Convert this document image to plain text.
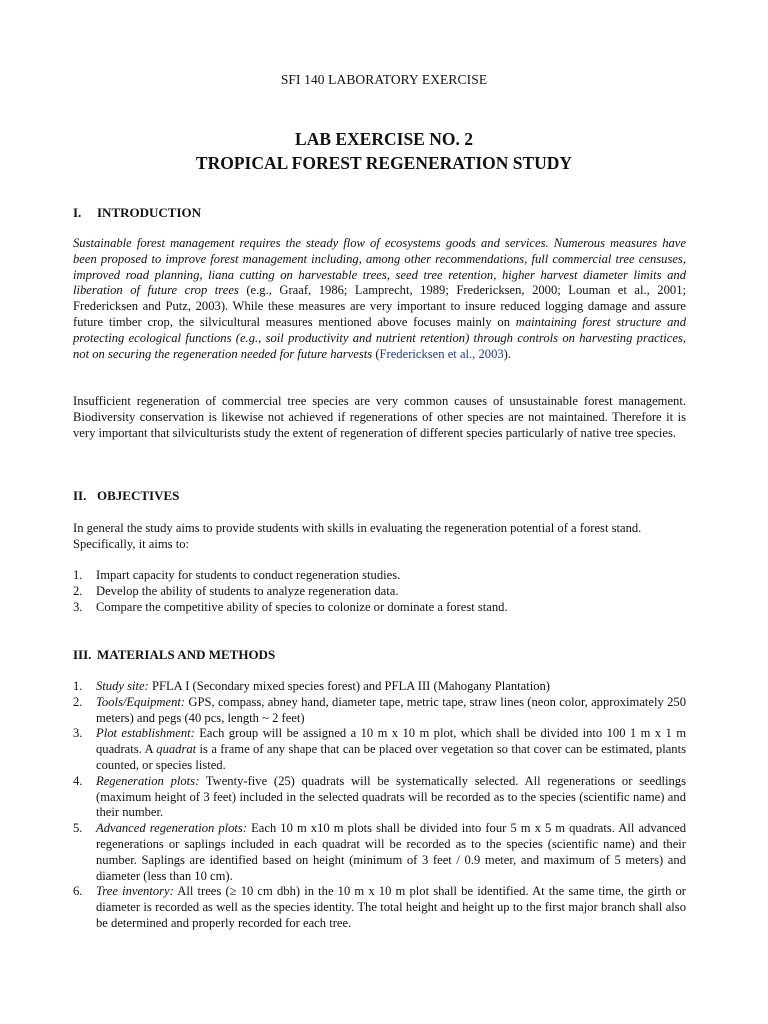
SFI 140 LABORATORY EXERCISE
LAB EXERCISE NO. 2
TROPICAL FOREST REGENERATION STUDY
I. INTRODUCTION
Sustainable forest management requires the steady flow of ecosystems goods and services. Numerous measures have been proposed to improve forest management including, among other recommendations, full commercial tree censuses, improved road planning, liana cutting on harvestable trees, seed tree retention, higher harvest diameter limits and liberation of future crop trees (e.g., Graaf, 1986; Lamprecht, 1989; Fredericksen, 2000; Louman et al., 2001; Fredericksen and Putz, 2003). While these measures are very important to insure reduced logging damage and assure future timber crop, the silvicultural measures mentioned above focuses mainly on maintaining forest structure and protecting ecological functions (e.g., soil productivity and nutrient retention) through controls on harvesting practices, not on securing the regeneration needed for future harvests (Fredericksen et al., 2003).
Insufficient regeneration of commercial tree species are very common causes of unsustainable forest management. Biodiversity conservation is likewise not achieved if regenerations of other species are not maintained. Therefore it is very important that silviculturists study the extent of regeneration of different species particularly of native tree species.
II. OBJECTIVES
In general the study aims to provide students with skills in evaluating the regeneration potential of a forest stand. Specifically, it aims to:
1. Impart capacity for students to conduct regeneration studies.
2. Develop the ability of students to analyze regeneration data.
3. Compare the competitive ability of species to colonize or dominate a forest stand.
III. MATERIALS AND METHODS
1. Study site: PFLA I (Secondary mixed species forest) and PFLA III (Mahogany Plantation)
2. Tools/Equipment: GPS, compass, abney hand, diameter tape, metric tape, straw lines (neon color, approximately 250 meters) and pegs (40 pcs, length ~ 2 feet)
3. Plot establishment: Each group will be assigned a 10 m x 10 m plot, which shall be divided into 100 1 m x 1 m quadrats. A quadrat is a frame of any shape that can be placed over vegetation so that cover can be estimated, plants counted, or species listed.
4. Regeneration plots: Twenty-five (25) quadrats will be systematically selected. All regenerations or seedlings (maximum height of 3 feet) included in the selected quadrats will be recorded as to the species (scientific name) and their number.
5. Advanced regeneration plots: Each 10 m x10 m plots shall be divided into four 5 m x 5 m quadrats. All advanced regenerations or saplings included in each quadrat will be recorded as to the species (scientific name) and their number. Saplings are identified based on height (minimum of 3 feet / 0.9 meter, and maximum of 5 meters) and diameter (less than 10 cm).
6. Tree inventory: All trees (≥ 10 cm dbh) in the 10 m x 10 m plot shall be identified. At the same time, the girth or diameter is recorded as well as the species identity. The total height and height up to the first major branch shall also be determined and properly recorded for each tree.
